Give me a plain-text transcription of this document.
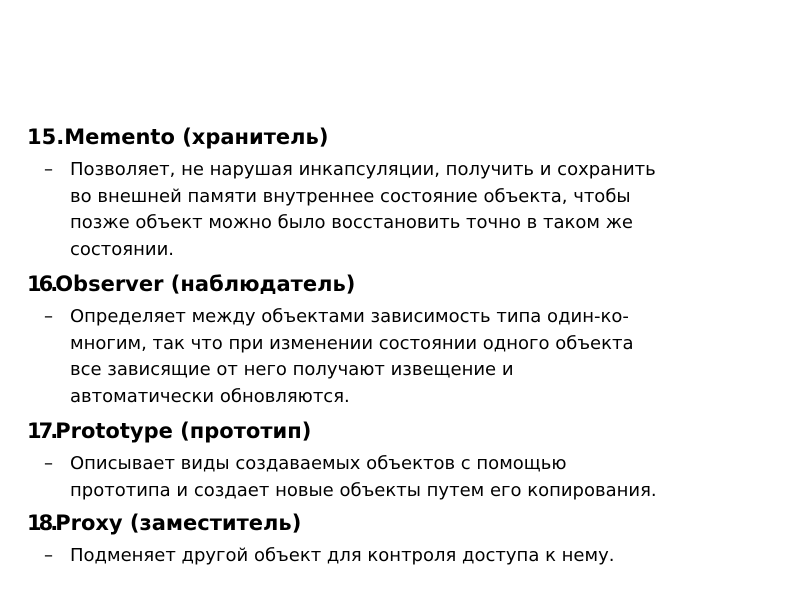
15.Memento (хранитель)
– Позволяет, не нарушая инкапсуляции, получить и сохранить
во внешней памяти внутреннее состояние объекта, чтобы
позже объект можно было восстановить точно в таком же
состоянии.
16.Observer (наблюдатель)
– Определяет между объектами зависимость типа один-ко-
многим, так что при изменении состоянии одного объекта
все зависящие от него получают извещение и
автоматически обновляются.
17.Prototype (прототип)
– Описывает виды создаваемых объектов с помощью
прототипа и создает новые объекты путем его копирования.
18.Proxy (заместитель)
– Подменяет другой объект для контроля доступа к нему.
